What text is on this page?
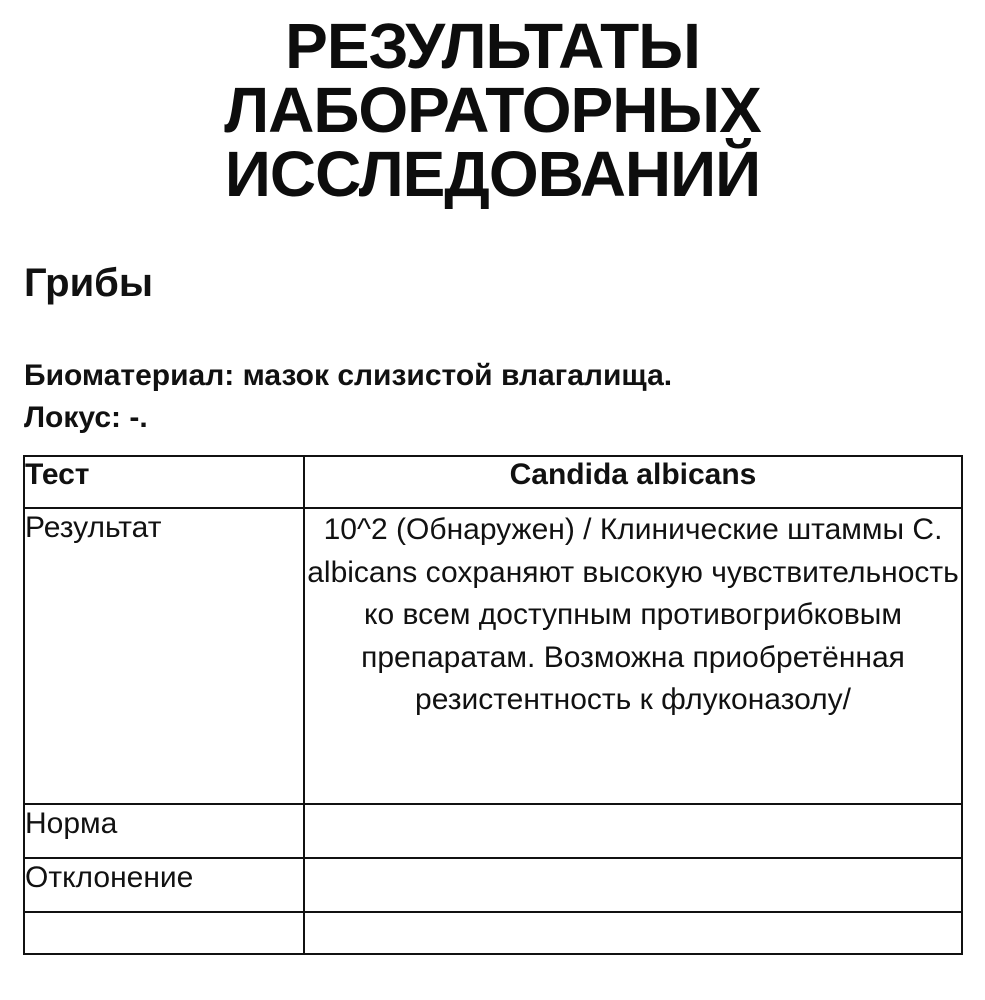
РЕЗУЛЬТАТЫ
ЛАБОРАТОРНЫХ
ИССЛЕДОВАНИЙ
Грибы
Биоматериал: мазок слизистой влагалища.
Локус: -.
Тест	Candida albicans
Результат	10^2 (Обнаружен) / Клинические штаммы C. albicans сохраняют высокую чувствительность ко всем доступным противогрибковым препаратам. Возможна приобретённая резистентность к флуконазолу/
Норма	
Отклонение	
